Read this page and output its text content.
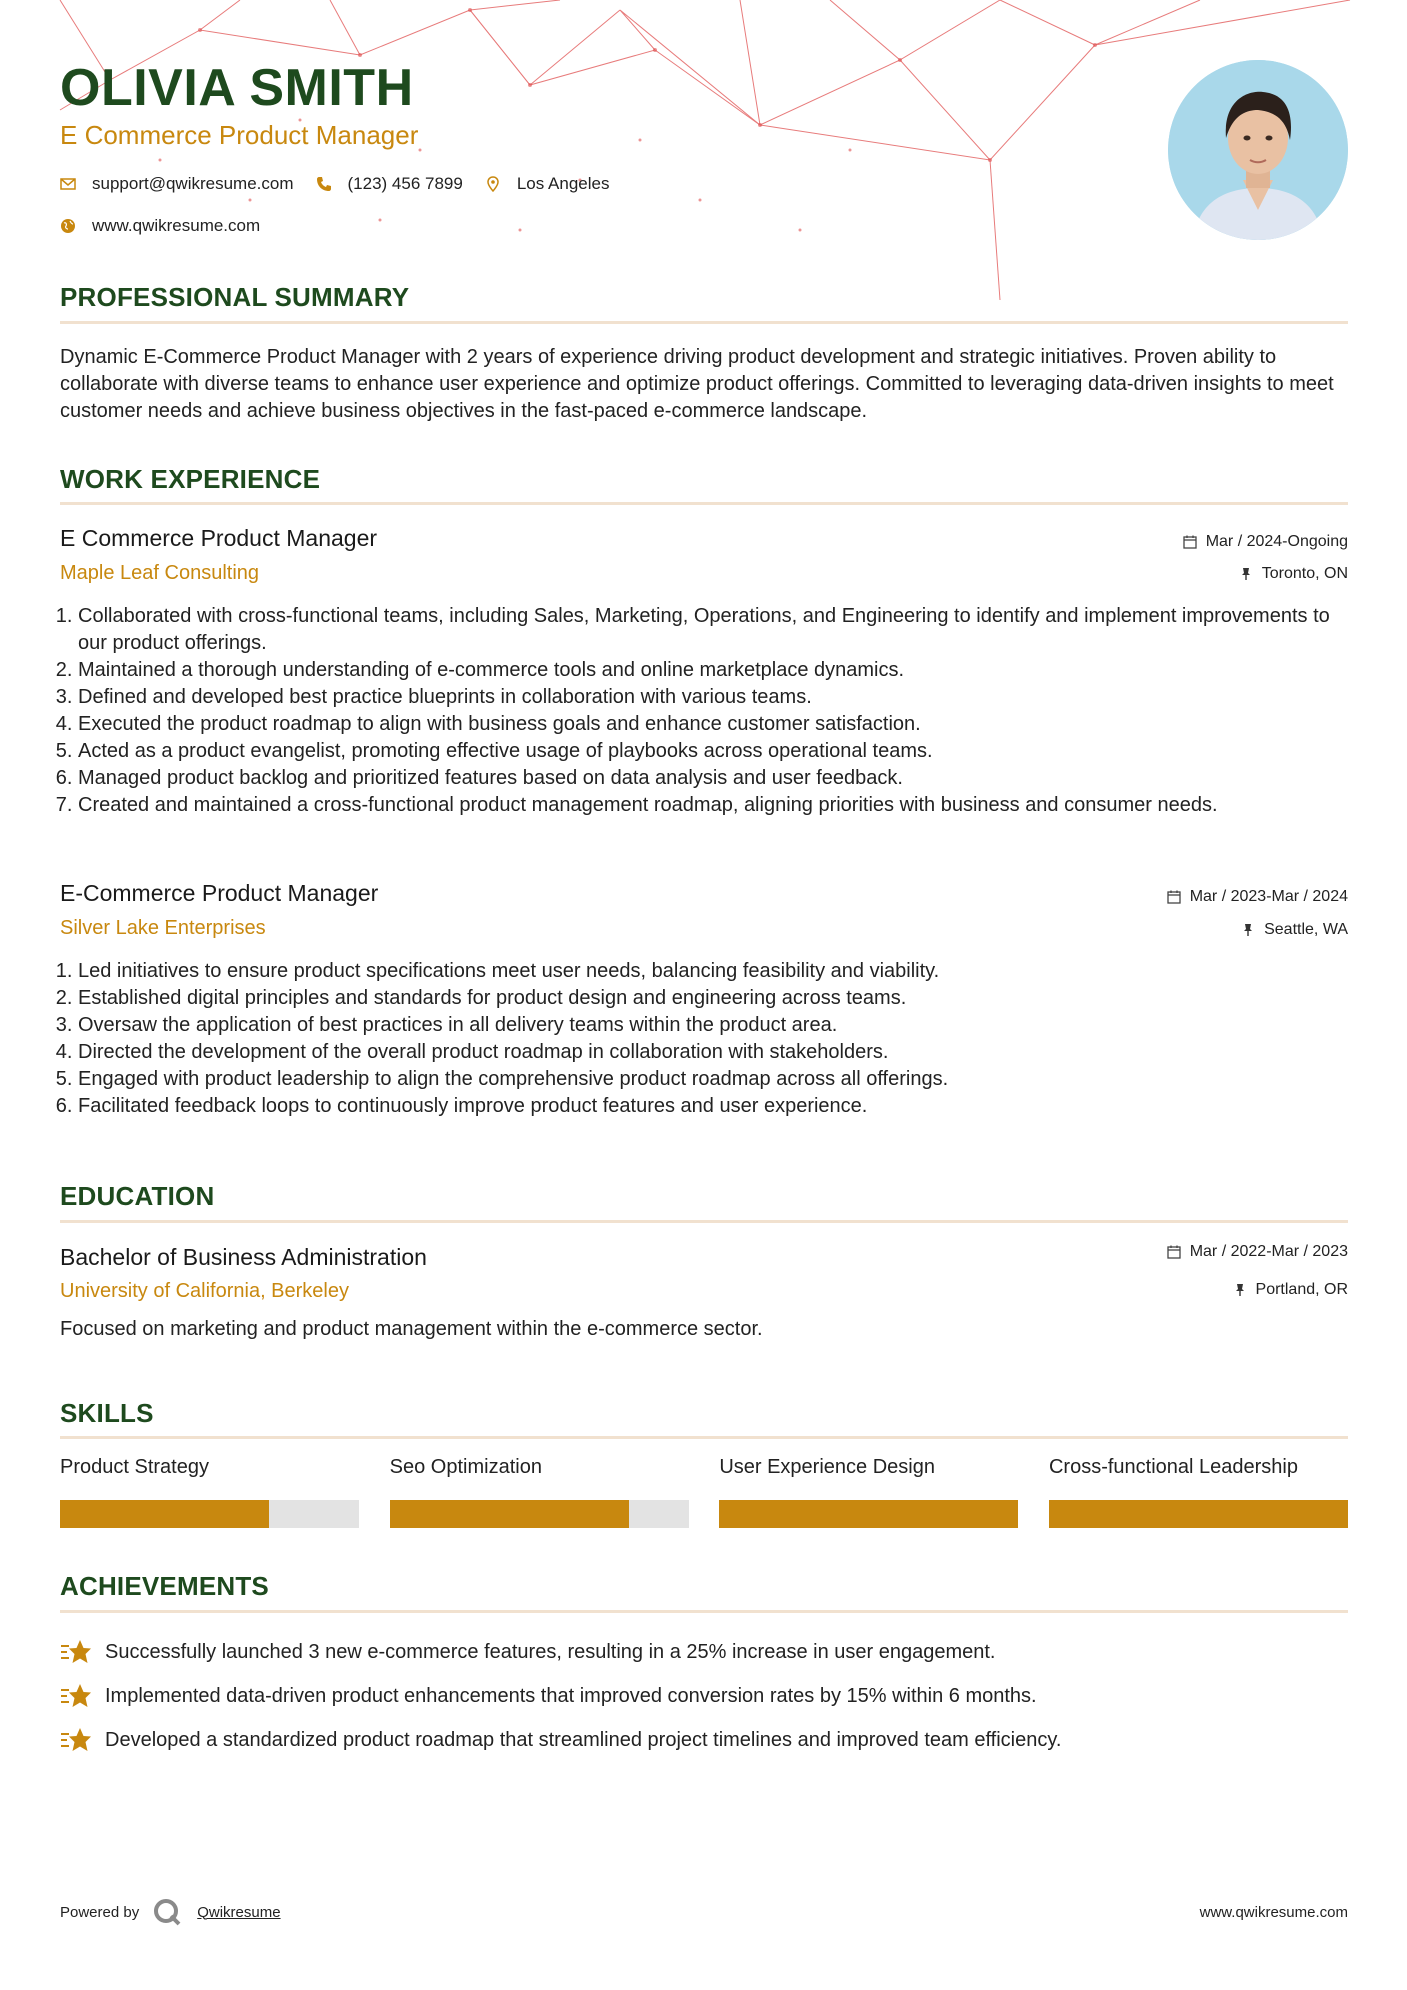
OLIVIA SMITH
E Commerce Product Manager
support@qwikresume.com	(123) 456 7899	Los Angeles
www.qwikresume.com
PROFESSIONAL SUMMARY
Dynamic E-Commerce Product Manager with 2 years of experience driving product development and strategic initiatives. Proven ability to collaborate with diverse teams to enhance user experience and optimize product offerings. Committed to leveraging data-driven insights to meet customer needs and achieve business objectives in the fast-paced e-commerce landscape.
WORK EXPERIENCE
E Commerce Product Manager	Mar / 2024-Ongoing
Maple Leaf Consulting	Toronto, ON
1. Collaborated with cross-functional teams, including Sales, Marketing, Operations, and Engineering to identify and implement improvements to our product offerings.
2. Maintained a thorough understanding of e-commerce tools and online marketplace dynamics.
3. Defined and developed best practice blueprints in collaboration with various teams.
4. Executed the product roadmap to align with business goals and enhance customer satisfaction.
5. Acted as a product evangelist, promoting effective usage of playbooks across operational teams.
6. Managed product backlog and prioritized features based on data analysis and user feedback.
7. Created and maintained a cross-functional product management roadmap, aligning priorities with business and consumer needs.
E-Commerce Product Manager	Mar / 2023-Mar / 2024
Silver Lake Enterprises	Seattle, WA
1. Led initiatives to ensure product specifications meet user needs, balancing feasibility and viability.
2. Established digital principles and standards for product design and engineering across teams.
3. Oversaw the application of best practices in all delivery teams within the product area.
4. Directed the development of the overall product roadmap in collaboration with stakeholders.
5. Engaged with product leadership to align the comprehensive product roadmap across all offerings.
6. Facilitated feedback loops to continuously improve product features and user experience.
EDUCATION
Bachelor of Business Administration	Mar / 2022-Mar / 2023
University of California, Berkeley	Portland, OR
Focused on marketing and product management within the e-commerce sector.
SKILLS
Product Strategy	Seo Optimization	User Experience Design	Cross-functional Leadership
ACHIEVEMENTS
Successfully launched 3 new e-commerce features, resulting in a 25% increase in user engagement.
Implemented data-driven product enhancements that improved conversion rates by 15% within 6 months.
Developed a standardized product roadmap that streamlined project timelines and improved team efficiency.
Powered by	Qwikresume	www.qwikresume.com
